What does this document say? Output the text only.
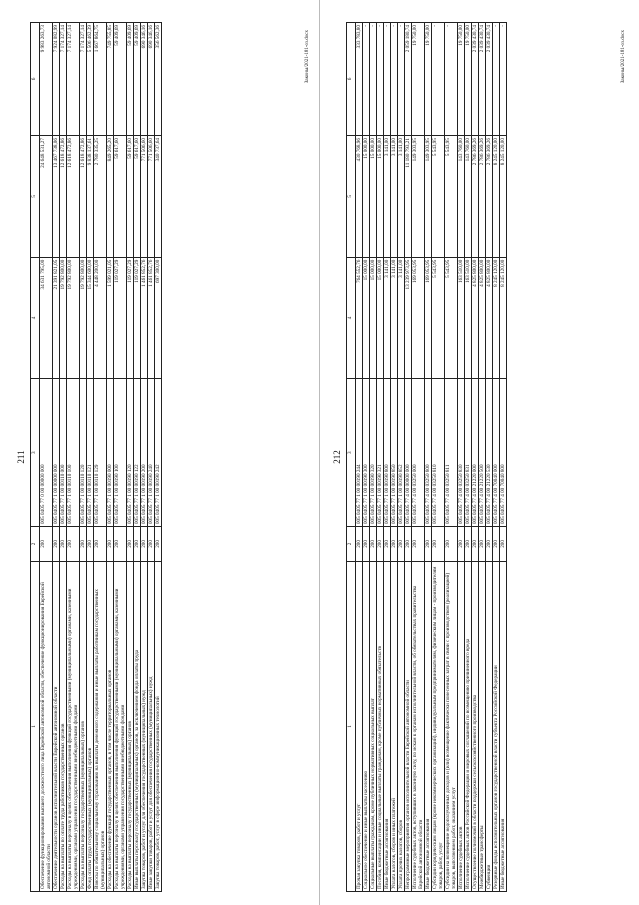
211
1	2	3	4	5	6
Обеспечение функционирования высшего должностного лица Еврейской автономной области, обеспечение функционирования Еврейской автономной области	200	005 0405 77 0 00 00000 000	34 631 795,00	24 648 531,27	9 983 263,73
Обеспечение деятельности органов исполнительной власти Еврейской автономной области	200	005 0405 77 1 00 00000 000	21 391 821,05	13 467 738,06	7 924 082,99
Расходы на выплаты по оплате труда работников государственных органов	200	005 0405 77 1 00 00110 000	19 792 800,00	12 618 472,86	7 174 327,14
Расходы на выплаты персоналу в целях обеспечения выполнения функций государственными (муниципальными) органами, казенными учреждениями, органами управления государственными внебюджетными фондами	200	005 0405 77 1 00 00110 100	19 792 800,00	12 618 472,86	7 174 327,14
Расходы на выплаты персоналу государственных (муниципальных) органов	200	005 0405 77 1 00 00110 120	19 792 800,00	12 618 472,86	7 174 327,14
Фонд оплаты труда государственных (муниципальных) органов	200	005 0405 77 1 00 00110 121	15 344 600,00	9 838 137,61	5 506 462,39
Взносы по обязательному социальному страхованию на выплаты денежного содержания и иные выплаты работникам государственных (муниципальных) органов	200	005 0405 77 1 00 00110 129	4 448 200,00	2 780 335,25	1 667 864,75
Расходы на обеспечение функций государственных органов, в том числе территориальных органов	200	005 0405 77 1 00 00190 000	1 599 021,05	849 265,20	749 755,85
Расходы на выплаты персоналу в целях обеспечения выполнения функций государственными (муниципальными) органами, казенными учреждениями, органами управления государственными внебюджетными фондами	200	005 0405 77 1 00 00190 100	119 027,29	59 617,60	59 409,69
Расходы на выплаты персоналу государственных (муниципальных) органов	200	005 0405 77 1 00 00190 120	119 027,29	59 617,60	59 409,69
Иные выплаты персоналу государственных (муниципальных) органов, за исключением фонда оплаты труда	200	005 0405 77 1 00 00190 122	119 027,29	59 617,60	59 409,69
Закупка товаров, работ и услуг для обеспечения государственных (муниципальных) нужд	200	005 0405 77 1 00 00190 200	1 461 852,76	771 506,60	690 346,16
Иные закупки товаров, работ и услуг для обеспечения государственных (муниципальных) нужд	200	005 0405 77 1 00 00190 240	1 461 852,76	771 506,60	690 346,16
Закупка товаров, работ, услуг в сфере информационно-коммуникационных технологий	200	005 0405 77 1 00 00190 242	697 300,00	340 737,64	356 562,36	Законы/2021-181-оз.docx
212
1	2	3	4	5	6
Прочая закупка товаров, работ и услуг	200	005 0405 77 1 00 00190 244	764 552,76	430 768,96	333 783,80
Социальное обеспечение и иные выплаты населению	200	005 0405 77 1 00 00190 300	15 000,00	15 000,00	-
Социальные выплаты гражданам, кроме публичных нормативных социальных выплат	200	005 0405 77 1 00 00190 320	15 000,00	15 000,00	-
Пособия, компенсации и иные социальные выплаты гражданам, кроме публичных нормативных обязательств	200	005 0405 77 1 00 00190 321	15 000,00	15 000,00	-
Иные бюджетные ассигнования	200	005 0405 77 1 00 00190 800	3 141,00	3 141,00	-
Уплата налогов, сборов и иных платежей	200	005 0405 77 1 00 00190 850	3 141,00	3 141,00	-
Уплата прочих налогов, сборов	200	005 0405 77 1 00 00190 852	3 141,00	3 141,00	-
Непрограммные мероприятия органов исполнительной власти Еврейской автономной области	200	005 0405 77 4 00 00000 000	13 239 973,95	11 180 793,21	2 059 180,74
Исполнение судебных актов, вступивших в законную силу, по искам к органам исполнительной власти, об обязательствах правительства Еврейской автономной области	200	005 0405 77 4 00 03250 000	169 053,95	149 303,95	19 750,00
Иные бюджетные ассигнования	200	005 0405 77 4 00 03250 800	169 053,95	149 303,95	19 750,00
Субсидии юридическим лицам (кроме некоммерческих организаций), индивидуальным предпринимателям, физическим лицам - производителям товаров, работ, услуг	200	005 0405 77 4 00 03250 810	5 543,95	5 543,95	-
Субсидии на возмещение недополученных доходов и (или) возмещение фактически понесенных затрат в связи с производством (реализацией) товаров, выполнением работ, оказанием услуг	200	005 0405 77 4 00 03250 811	5 543,95	5 543,95	-
Исполнение судебных актов	200	005 0405 77 4 00 03250 830	163 510,00	143 760,00	19 750,00
Исполнение судебных актов Российской Федерации и мировых соглашений по возмещению причиненного вреда	200	005 0405 77 4 00 03250 831	163 510,00	143 760,00	19 750,00
Осуществление полномочий в области поддержки сельскохозяйственного производства	200	005 0405 77 4 00 21220 000	4 825 800,00	2 786 369,26	2 039 430,74
Межбюджетные трансферты	200	005 0405 77 4 00 21220 500	4 825 800,00	2 786 369,26	2 039 430,74
Субвенции	200	005 0405 77 4 00 21220 530	4 825 800,00	2 786 369,26	2 039 430,74
Резервные фонды исполнительных органов государственной власти субъекта Российской Федерации	200	005 0405 77 4 00 70040 000	8 245 120,00	8 245 120,00	-
Иные бюджетные ассигнования	200	005 0405 77 4 00 70040 800	8 245 120,00	8 245 120,00	-
Законы/2021-181-оз.docx
